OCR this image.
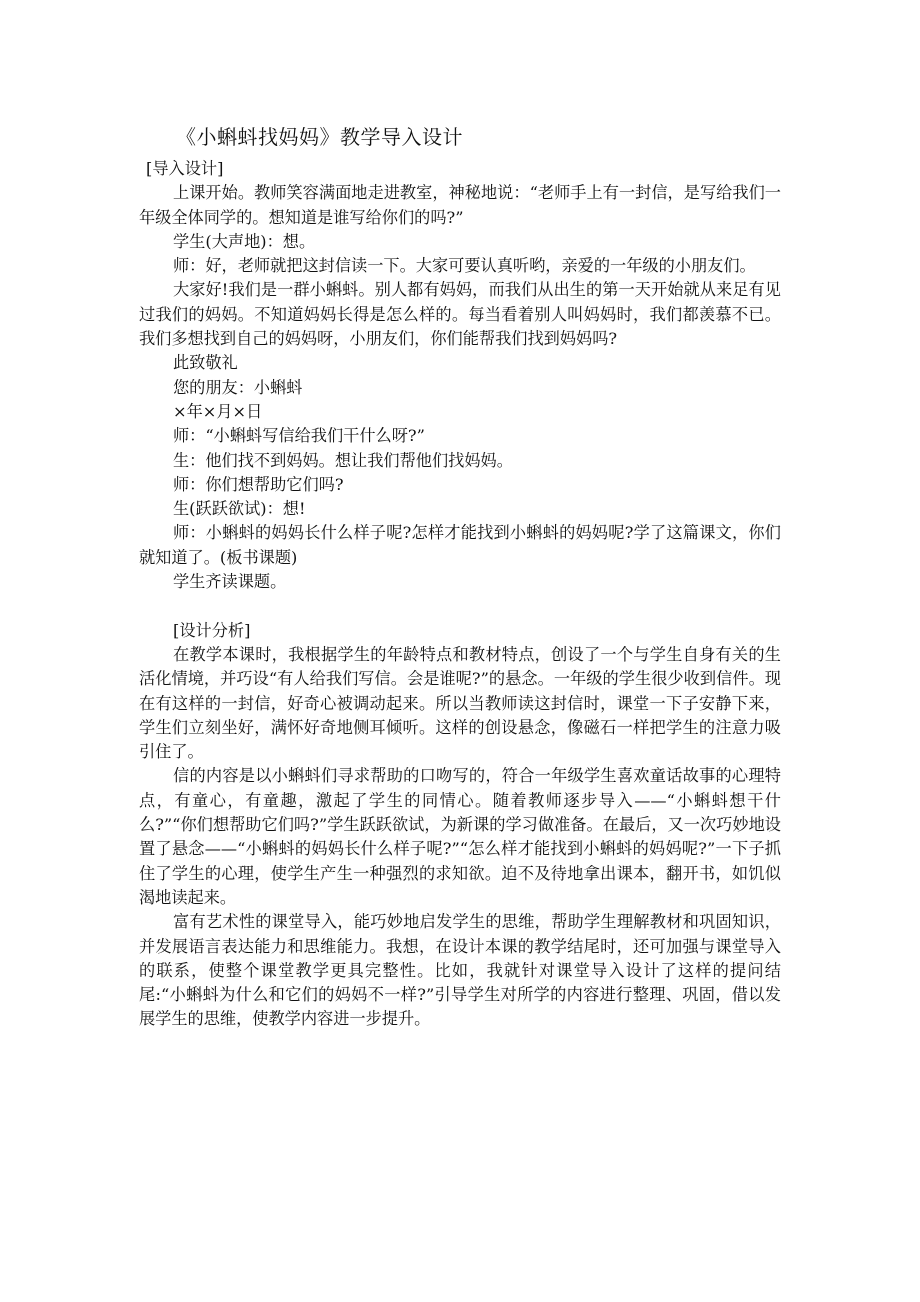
《小蝌蚪找妈妈》教学导入设计

[导入设计]

上课开始。教师笑容满面地走进教室，神秘地说：“老师手上有一封信，是写给我们一年级全体同学的。想知道是谁写给你们的吗?”

学生(大声地)：想。

师：好，老师就把这封信读一下。大家可要认真听哟，亲爱的一年级的小朋友们。

大家好!我们是一群小蝌蚪。别人都有妈妈，而我们从出生的第一天开始就从来足有见过我们的妈妈。不知道妈妈长得是怎么样的。每当看着别人叫妈妈时，我们都羡慕不已。我们多想找到自己的妈妈呀，小朋友们，你们能帮我们找到妈妈吗?

此致敬礼

您的朋友：小蝌蚪

×年×月×日

师：“小蝌蚪写信给我们干什么呀?”

生：他们找不到妈妈。想让我们帮他们找妈妈。

师：你们想帮助它们吗?

生(跃跃欲试)：想!

师：小蝌蚪的妈妈长什么样子呢?怎样才能找到小蝌蚪的妈妈呢?学了这篇课文，你们就知道了。(板书课题)

学生齐读课题。

[设计分析]

在教学本课时，我根据学生的年龄特点和教材特点，创设了一个与学生自身有关的生活化情境，并巧设“有人给我们写信。会是谁呢?”的悬念。一年级的学生很少收到信件。现在有这样的一封信，好奇心被调动起来。所以当教师读这封信时，课堂一下子安静下来，学生们立刻坐好，满怀好奇地侧耳倾听。这样的创设悬念，像磁石一样把学生的注意力吸引住了。

信的内容是以小蝌蚪们寻求帮助的口吻写的，符合一年级学生喜欢童话故事的心理特点，有童心，有童趣，激起了学生的同情心。随着教师逐步导入——“小蝌蚪想干什么?”“你们想帮助它们吗?”学生跃跃欲试，为新课的学习做准备。在最后，又一次巧妙地设置了悬念——“小蝌蚪的妈妈长什么样子呢?”“怎么样才能找到小蝌蚪的妈妈呢?”一下子抓住了学生的心理，使学生产生一种强烈的求知欲。迫不及待地拿出课本，翻开书，如饥似渴地读起来。

富有艺术性的课堂导入，能巧妙地启发学生的思维，帮助学生理解教材和巩固知识，并发展语言表达能力和思维能力。我想，在设计本课的教学结尾时，还可加强与课堂导入的联系，使整个课堂教学更具完整性。比如，我就针对课堂导入设计了这样的提问结尾:“小蝌蚪为什么和它们的妈妈不一样?”引导学生对所学的内容进行整理、巩固，借以发展学生的思维，使教学内容进一步提升。
